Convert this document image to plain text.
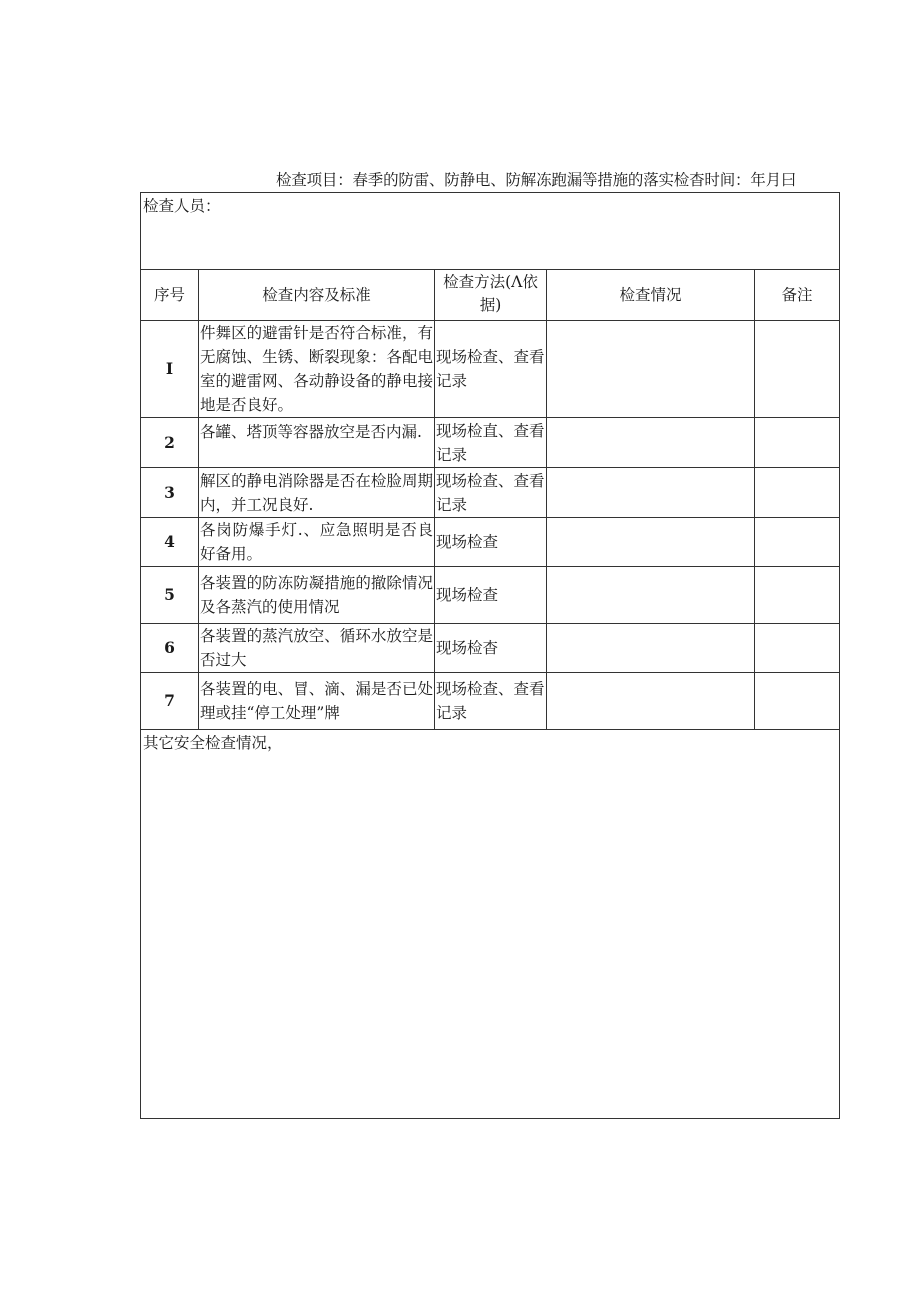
检查项目：春季的防雷、防静电、防解冻跑漏等措施的落实检杳时间：年月曰
检查人员：				
序号	检查内容及标准	检查方法(Λ依据)	检查情况	备注
I	件舞区的避雷针是否符合标准，有无腐蚀、生锈、断裂现象：各配电室的避雷网、各动静设备的静电接地是否良好。	现场检查、查看记录		
2	各罐、塔顶等容器放空是否内漏.	现场检直、查看记录		
3	解区的静电消除器是否在检脸周期内，并工况良好.	现场检查、查看记录		
4	各岗防爆手灯.、应急照明是否良好备用。	现场检查		
5	各装置的防冻防凝措施的撤除情况及各蒸汽的使用情况	现场检查		
6	各装置的蒸汽放空、循环水放空是否过大	现场检杳		
7	各装置的电、冒、滴、漏是否已处理或挂“停工处理”牌	现场检查、查看记录		
其它安全检查情况，				
